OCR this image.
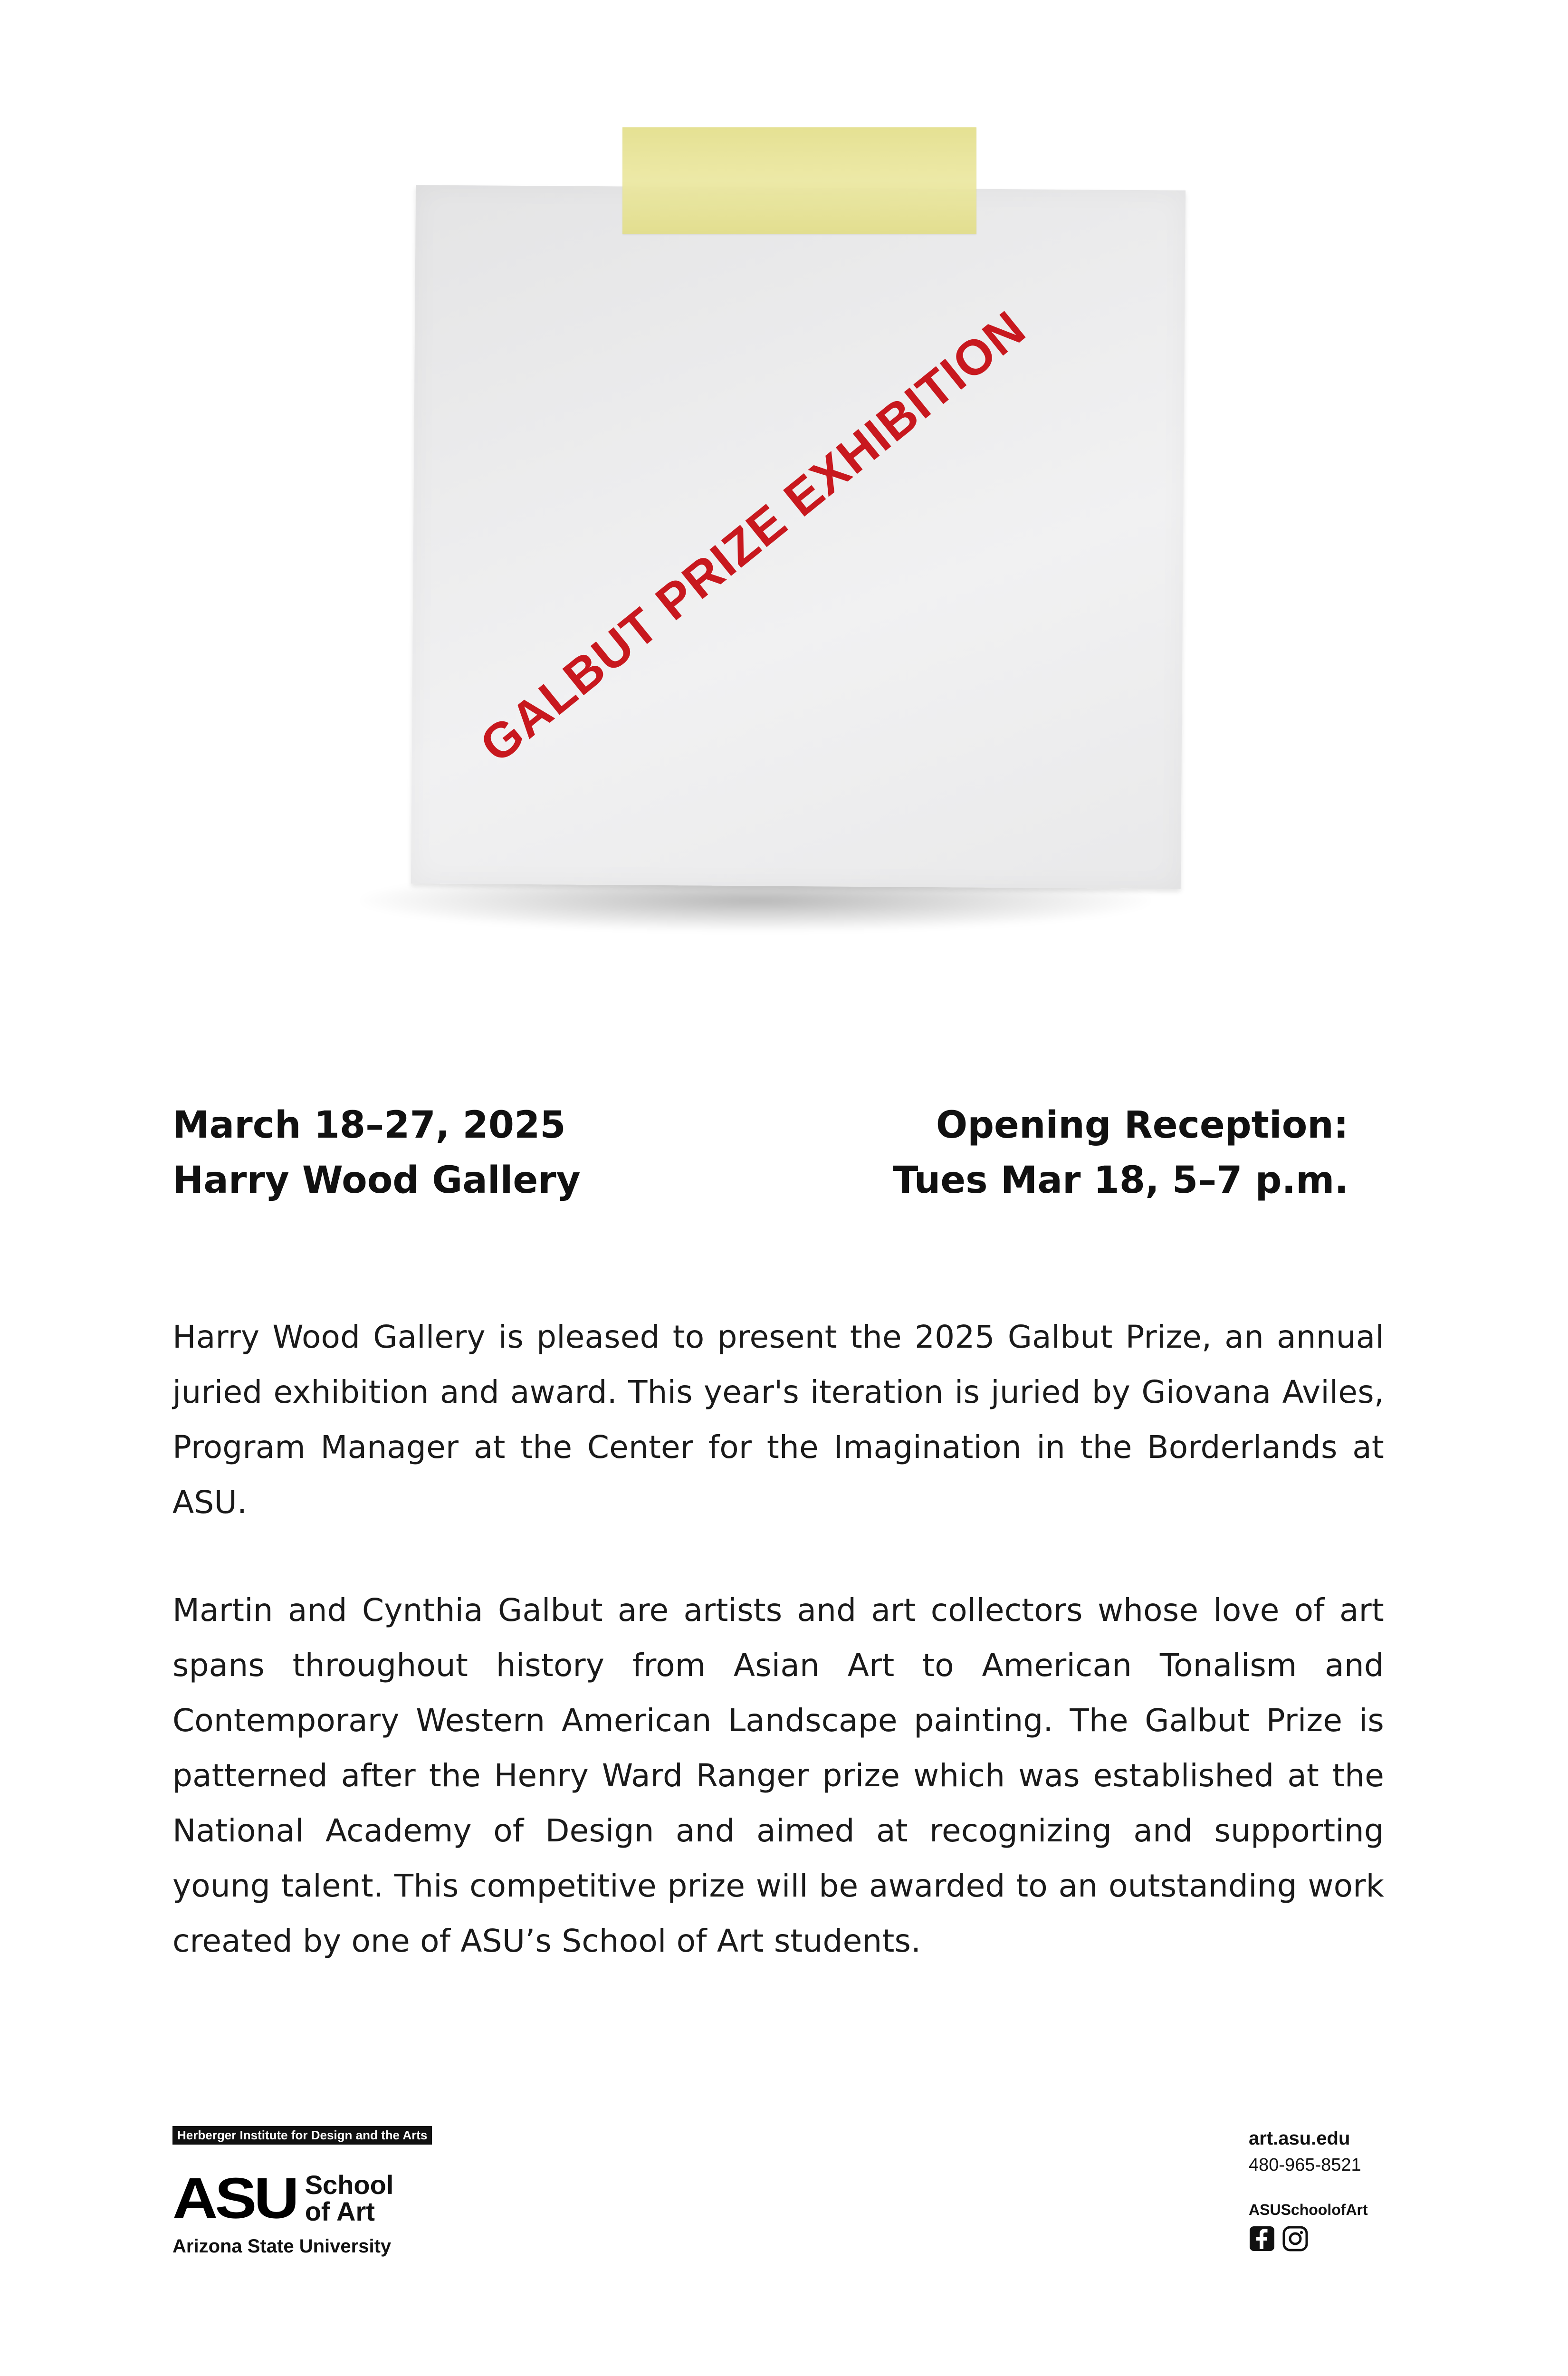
GALBUT PRIZE EXHIBITION
March 18–27, 2025
Harry Wood Gallery
Opening Reception:
Tues Mar 18, 5–7 p.m.

Harry Wood Gallery is pleased to present the 2025 Galbut Prize, an annual juried exhibition and award. This year's iteration is juried by Giovana Aviles, Program Manager at the Center for the Imagination in the Borderlands at ASU.

Martin and Cynthia Galbut are artists and art collectors whose love of art spans throughout history from Asian Art to American Tonalism and Contemporary Western American Landscape painting. The Galbut Prize is patterned after the Henry Ward Ranger prize which was established at the National Academy of Design and aimed at recognizing and supporting young talent. This competitive prize will be awarded to an outstanding work created by one of ASU’s School of Art students.

Herberger Institute for Design and the Arts
ASU School
of Art
Arizona State University
art.asu.edu
480-965-8521
ASUSchoolofArt
